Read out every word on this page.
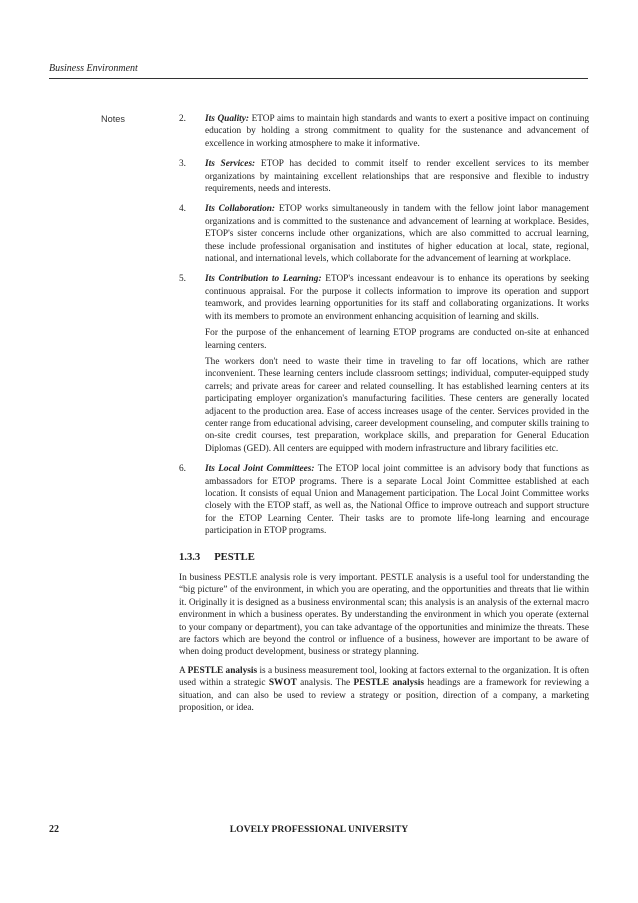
Business Environment
Notes	2.	Its Quality: ETOP aims to maintain high standards and wants to exert a positive impact on continuing education by holding a strong commitment to quality for the sustenance and advancement of excellence in working atmosphere to make it informative.

3.	Its Services: ETOP has decided to commit itself to render excellent services to its member organizations by maintaining excellent relationships that are responsive and flexible to industry requirements, needs and interests.

4.	Its Collaboration: ETOP works simultaneously in tandem with the fellow joint labor management organizations and is committed to the sustenance and advancement of learning at workplace. Besides, ETOP's sister concerns include other organizations, which are also committed to accrual learning, these include professional organisation and institutes of higher education at local, state, regional, national, and international levels, which collaborate for the advancement of learning at workplace.

5.	Its Contribution to Learning: ETOP's incessant endeavour is to enhance its operations by seeking continuous appraisal. For the purpose it collects information to improve its operation and support teamwork, and provides learning opportunities for its staff and collaborating organizations. It works with its members to promote an environment enhancing acquisition of learning and skills.

For the purpose of the enhancement of learning ETOP programs are conducted on-site at enhanced learning centers.

The workers don't need to waste their time in traveling to far off locations, which are rather inconvenient. These learning centers include classroom settings; individual, computer-equipped study carrels; and private areas for career and related counselling. It has established learning centers at its participating employer organization's manufacturing facilities. These centers are generally located adjacent to the production area. Ease of access increases usage of the center. Services provided in the center range from educational advising, career development counseling, and computer skills training to on-site credit courses, test preparation, workplace skills, and preparation for General Education Diplomas (GED). All centers are equipped with modern infrastructure and library facilities etc.

6.	Its Local Joint Committees: The ETOP local joint committee is an advisory body that functions as ambassadors for ETOP programs. There is a separate Local Joint Committee established at each location. It consists of equal Union and Management participation. The Local Joint Committee works closely with the ETOP staff, as well as, the National Office to improve outreach and support structure for the ETOP Learning Center. Their tasks are to promote life-long learning and encourage participation in ETOP programs.

1.3.3 PESTLE

In business PESTLE analysis role is very important. PESTLE analysis is a useful tool for understanding the “big picture” of the environment, in which you are operating, and the opportunities and threats that lie within it. Originally it is designed as a business environmental scan; this analysis is an analysis of the external macro environment in which a business operates. By understanding the environment in which you operate (external to your company or department), you can take advantage of the opportunities and minimize the threats. These are factors which are beyond the control or influence of a business, however are important to be aware of when doing product development, business or strategy planning.

A PESTLE analysis is a business measurement tool, looking at factors external to the organization. It is often used within a strategic SWOT analysis. The PESTLE analysis headings are a framework for reviewing a situation, and can also be used to review a strategy or position, direction of a company, a marketing proposition, or idea.

22	LOVELY PROFESSIONAL UNIVERSITY
